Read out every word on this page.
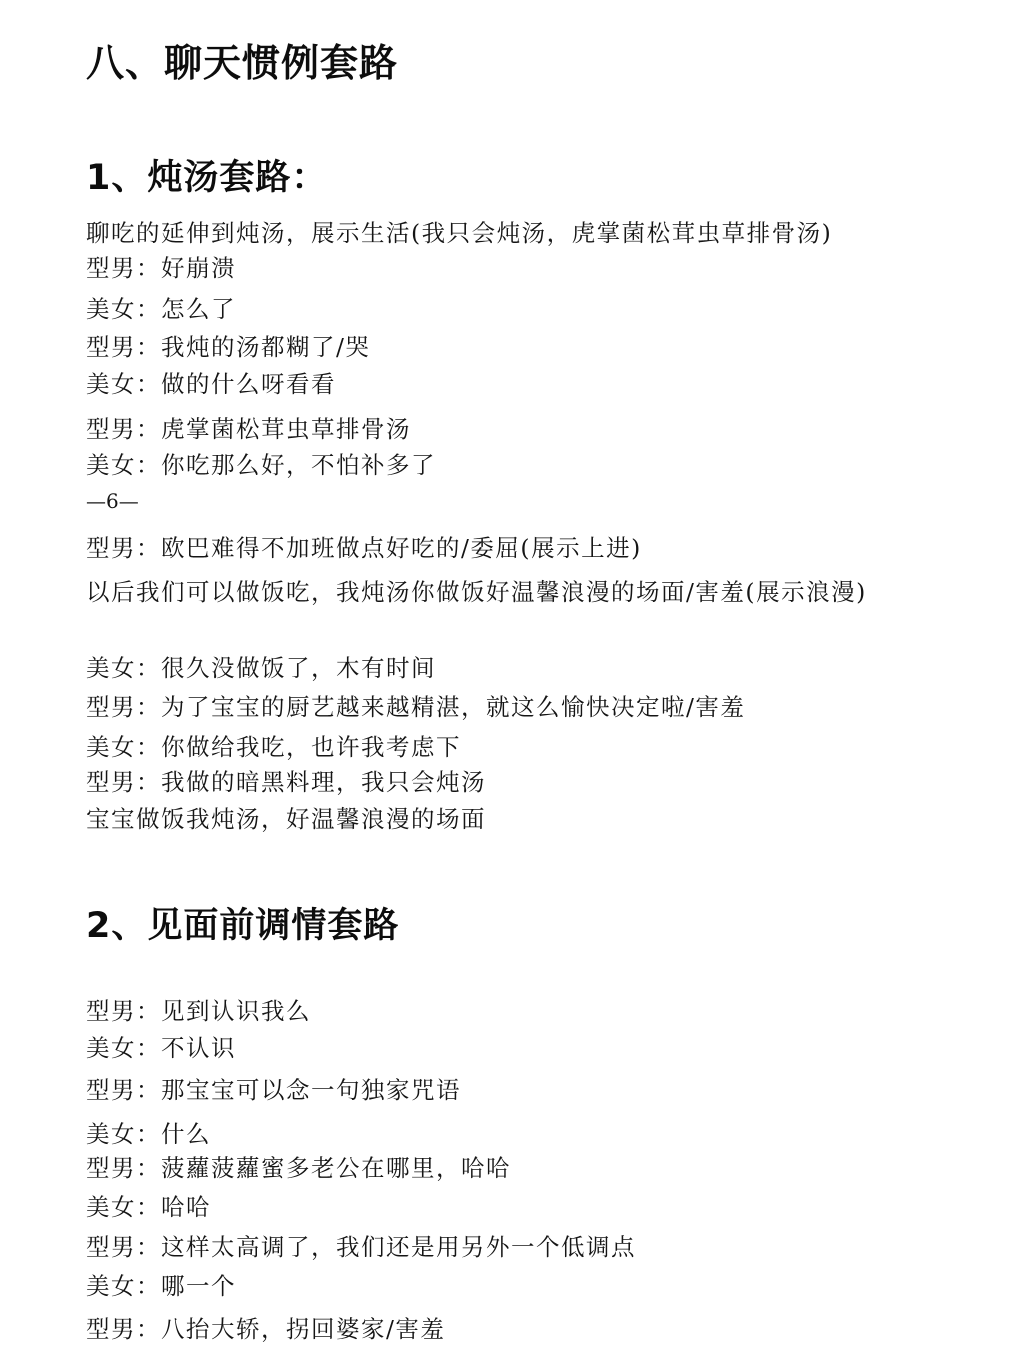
八、聊天惯例套路
1、炖汤套路：

聊吃的延伸到炖汤，展示生活(我只会炖汤，虎掌菌松茸虫草排骨汤)

型男：好崩溃

美女：怎么了

型男：我炖的汤都糊了/哭

美女：做的什么呀看看

型男：虎掌菌松茸虫草排骨汤

美女：你吃那么好，不怕补多了

—6—

型男：欧巴难得不加班做点好吃的/委屈(展示上进)

以后我们可以做饭吃，我炖汤你做饭好温馨浪漫的场面/害羞(展示浪漫)

美女：很久没做饭了，木有时间

型男：为了宝宝的厨艺越来越精湛，就这么愉快决定啦/害羞

美女：你做给我吃，也许我考虑下

型男：我做的暗黑料理，我只会炖汤

宝宝做饭我炖汤，好温馨浪漫的场面

2、见面前调情套路

型男：见到认识我么

美女：不认识

型男：那宝宝可以念一句独家咒语

美女：什么

型男：菠蘿菠蘿蜜多老公在哪里，哈哈

美女：哈哈

型男：这样太高调了，我们还是用另外一个低调点

美女：哪一个

型男：八抬大轿，拐回婆家/害羞
